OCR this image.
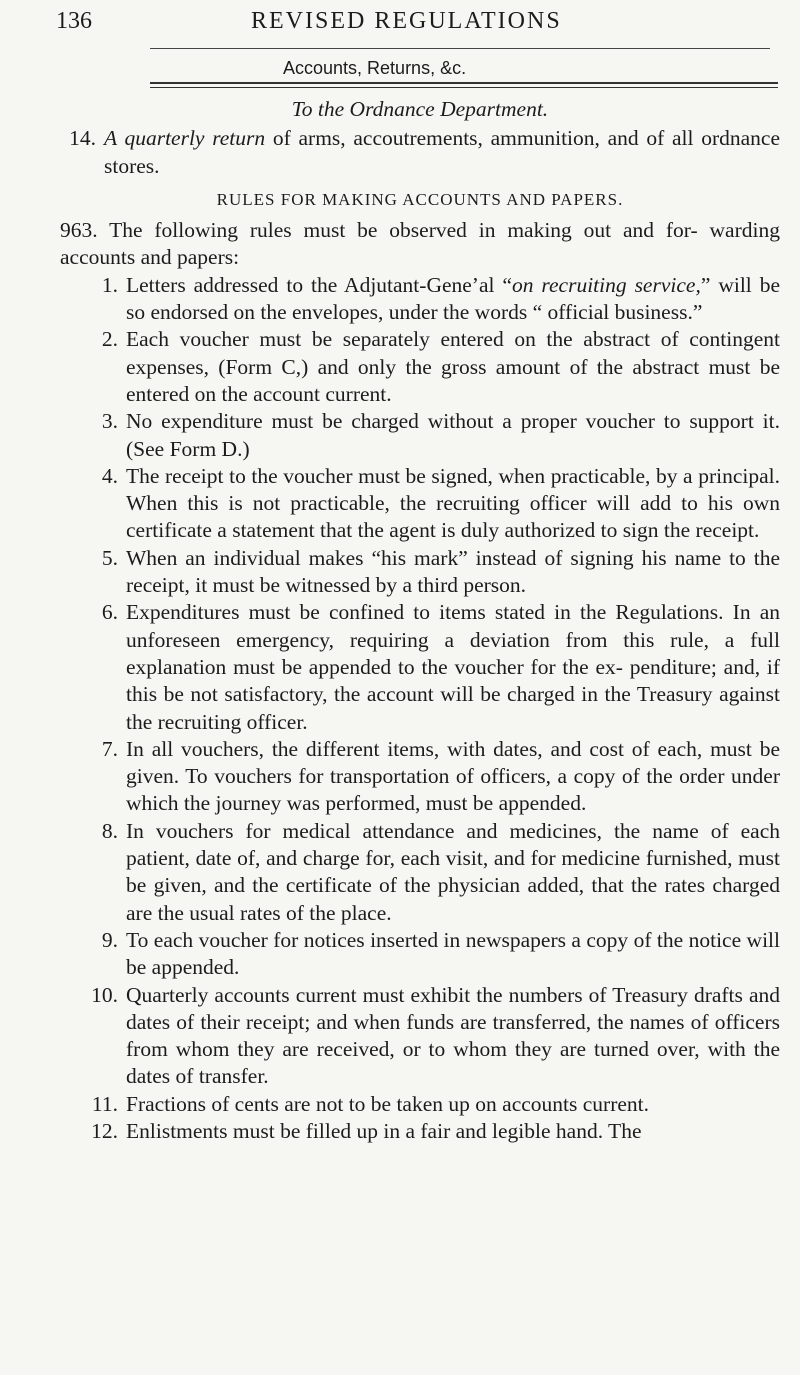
136	REVISED REGULATIONS
Accounts, Returns, &c.
To the Ordnance Department.

14. A quarterly return of arms, accoutrements, ammunition, and of all ordnance stores.

RULES FOR MAKING ACCOUNTS AND PAPERS.

963. The following rules must be observed in making out and for- warding accounts and papers:

1. Letters addressed to the Adjutant-Gene’al “on recruiting service,” will be so endorsed on the envelopes, under the words “ official business.”

2. Each voucher must be separately entered on the abstract of contingent expenses, (Form C,) and only the gross amount of the abstract must be entered on the account current.

3. No expenditure must be charged without a proper voucher to support it. (See Form D.)

4. The receipt to the voucher must be signed, when practicable, by a principal. When this is not practicable, the recruiting officer will add to his own certificate a statement that the agent is duly authorized to sign the receipt.

5. When an individual makes “his mark” instead of signing his name to the receipt, it must be witnessed by a third person.

6. Expenditures must be confined to items stated in the Regulations. In an unforeseen emergency, requiring a deviation from this rule, a full explanation must be appended to the voucher for the ex- penditure; and, if this be not satisfactory, the account will be charged in the Treasury against the recruiting officer.

7. In all vouchers, the different items, with dates, and cost of each, must be given. To vouchers for transportation of officers, a copy of the order under which the journey was performed, must be appended.

8. In vouchers for medical attendance and medicines, the name of each patient, date of, and charge for, each visit, and for medicine furnished, must be given, and the certificate of the physician added, that the rates charged are the usual rates of the place.

9. To each voucher for notices inserted in newspapers a copy of the notice will be appended.

10. Quarterly accounts current must exhibit the numbers of Treasury drafts and dates of their receipt; and when funds are transferred, the names of officers from whom they are received, or to whom they are turned over, with the dates of transfer.

11. Fractions of cents are not to be taken up on accounts current.

12. Enlistments must be filled up in a fair and legible hand. The
